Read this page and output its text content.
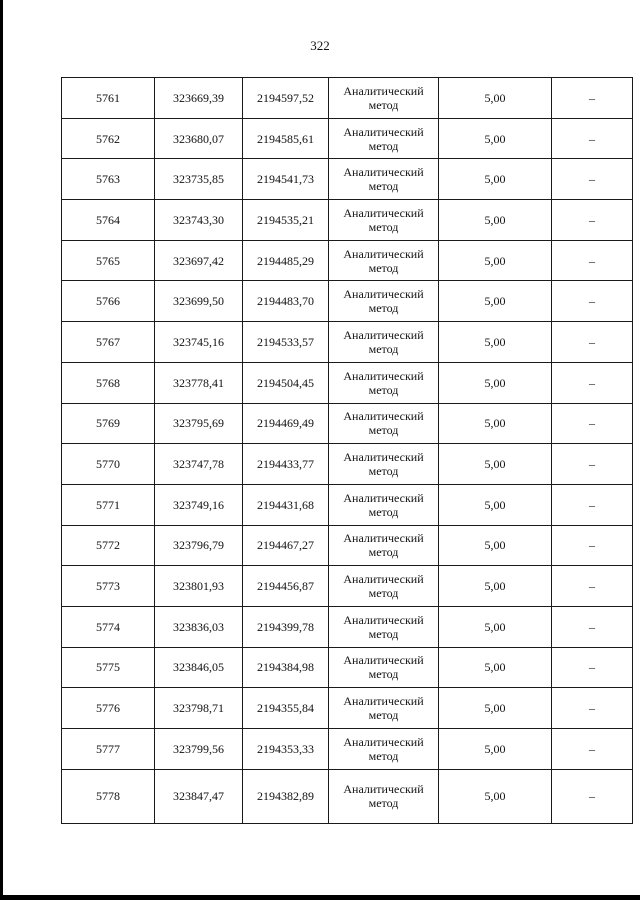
322
5761	323669,39	2194597,52	Аналитический метод	5,00	–
5762	323680,07	2194585,61	Аналитический метод	5,00	–
5763	323735,85	2194541,73	Аналитический метод	5,00	–
5764	323743,30	2194535,21	Аналитический метод	5,00	–
5765	323697,42	2194485,29	Аналитический метод	5,00	–
5766	323699,50	2194483,70	Аналитический метод	5,00	–
5767	323745,16	2194533,57	Аналитический метод	5,00	–
5768	323778,41	2194504,45	Аналитический метод	5,00	–
5769	323795,69	2194469,49	Аналитический метод	5,00	–
5770	323747,78	2194433,77	Аналитический метод	5,00	–
5771	323749,16	2194431,68	Аналитический метод	5,00	–
5772	323796,79	2194467,27	Аналитический метод	5,00	–
5773	323801,93	2194456,87	Аналитический метод	5,00	–
5774	323836,03	2194399,78	Аналитический метод	5,00	–
5775	323846,05	2194384,98	Аналитический метод	5,00	–
5776	323798,71	2194355,84	Аналитический метод	5,00	–
5777	323799,56	2194353,33	Аналитический метод	5,00	–
5778	323847,47	2194382,89	Аналитический метод	5,00	–
